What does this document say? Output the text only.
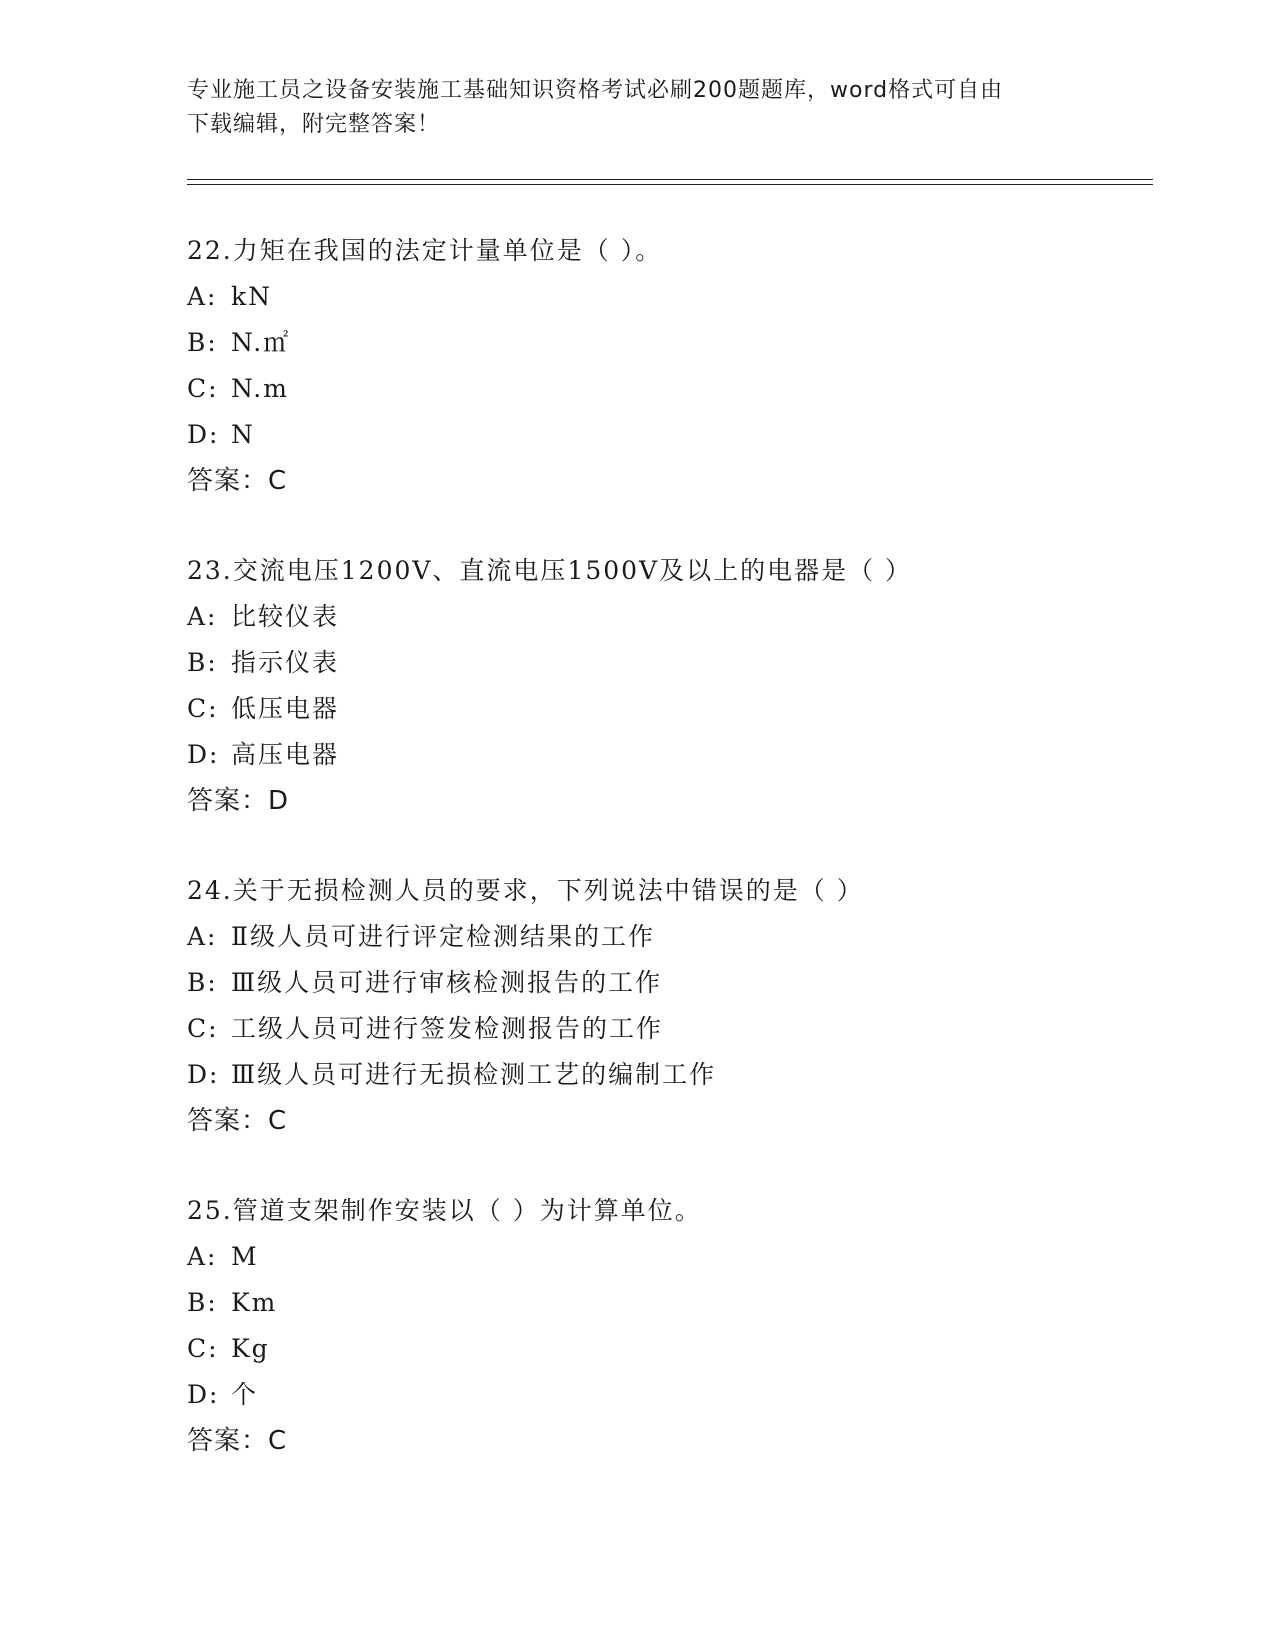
专业施工员之设备安装施工基础知识资格考试必刷200题题库，word格式可自由
下载编辑，附完整答案！
22.力矩在我国的法定计量单位是（ ）。
A: kN
B: N.㎡
C: N.m
D: N
答案：C
23.交流电压1200V、直流电压1500V及以上的电器是（ ）
A: 比较仪表
B: 指示仪表
C: 低压电器
D: 高压电器
答案：D
24.关于无损检测人员的要求，下列说法中错误的是（ ）
A: Ⅱ级人员可进行评定检测结果的工作
B: Ⅲ级人员可进行审核检测报告的工作
C: 工级人员可进行签发检测报告的工作
D: Ⅲ级人员可进行无损检测工艺的编制工作
答案：C
25.管道支架制作安装以（ ）为计算单位。
A: M
B: Km
C: Kg
D: 个
答案：C
